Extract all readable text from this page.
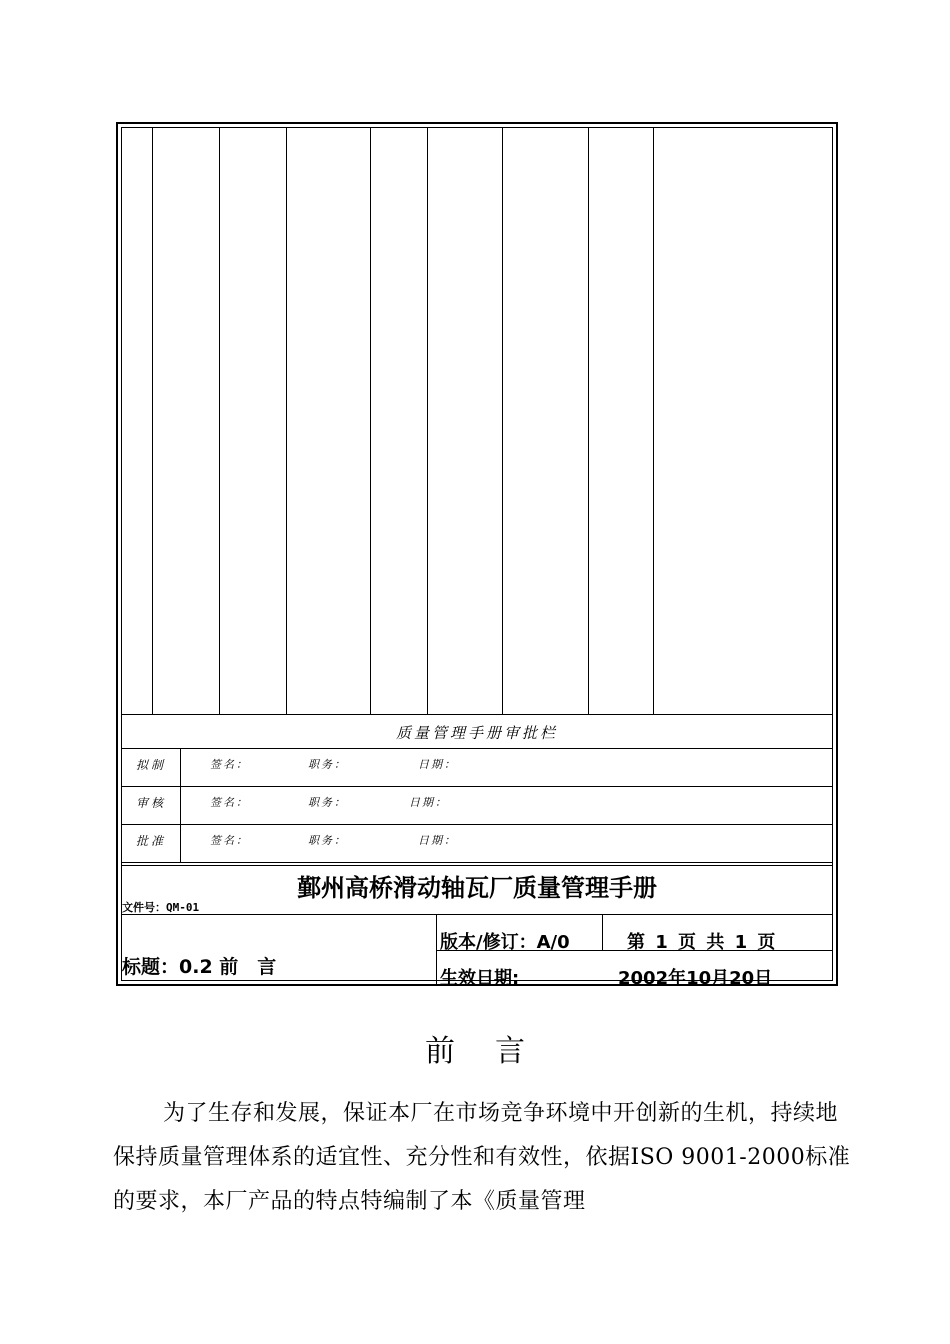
质量管理手册审批栏
拟制	签名：	职务：	日期：
审核	签名：	职务：	日期：
批准	签名：	职务：	日期：
鄞州高桥滑动轴瓦厂质量管理手册
文件号：QM-01
标题：0.2 前　言
版本/修订：A/0	第 1 页 共 1 页
生效日期:	2002年10月20日
前言
为了生存和发展，保证本厂在市场竞争环境中开创新的生机，持续地保持质量管理体系的适宜性、充分性和有效性，依据ISO 9001-2000标准的要求，本厂产品的特点特编制了本《质量管理
